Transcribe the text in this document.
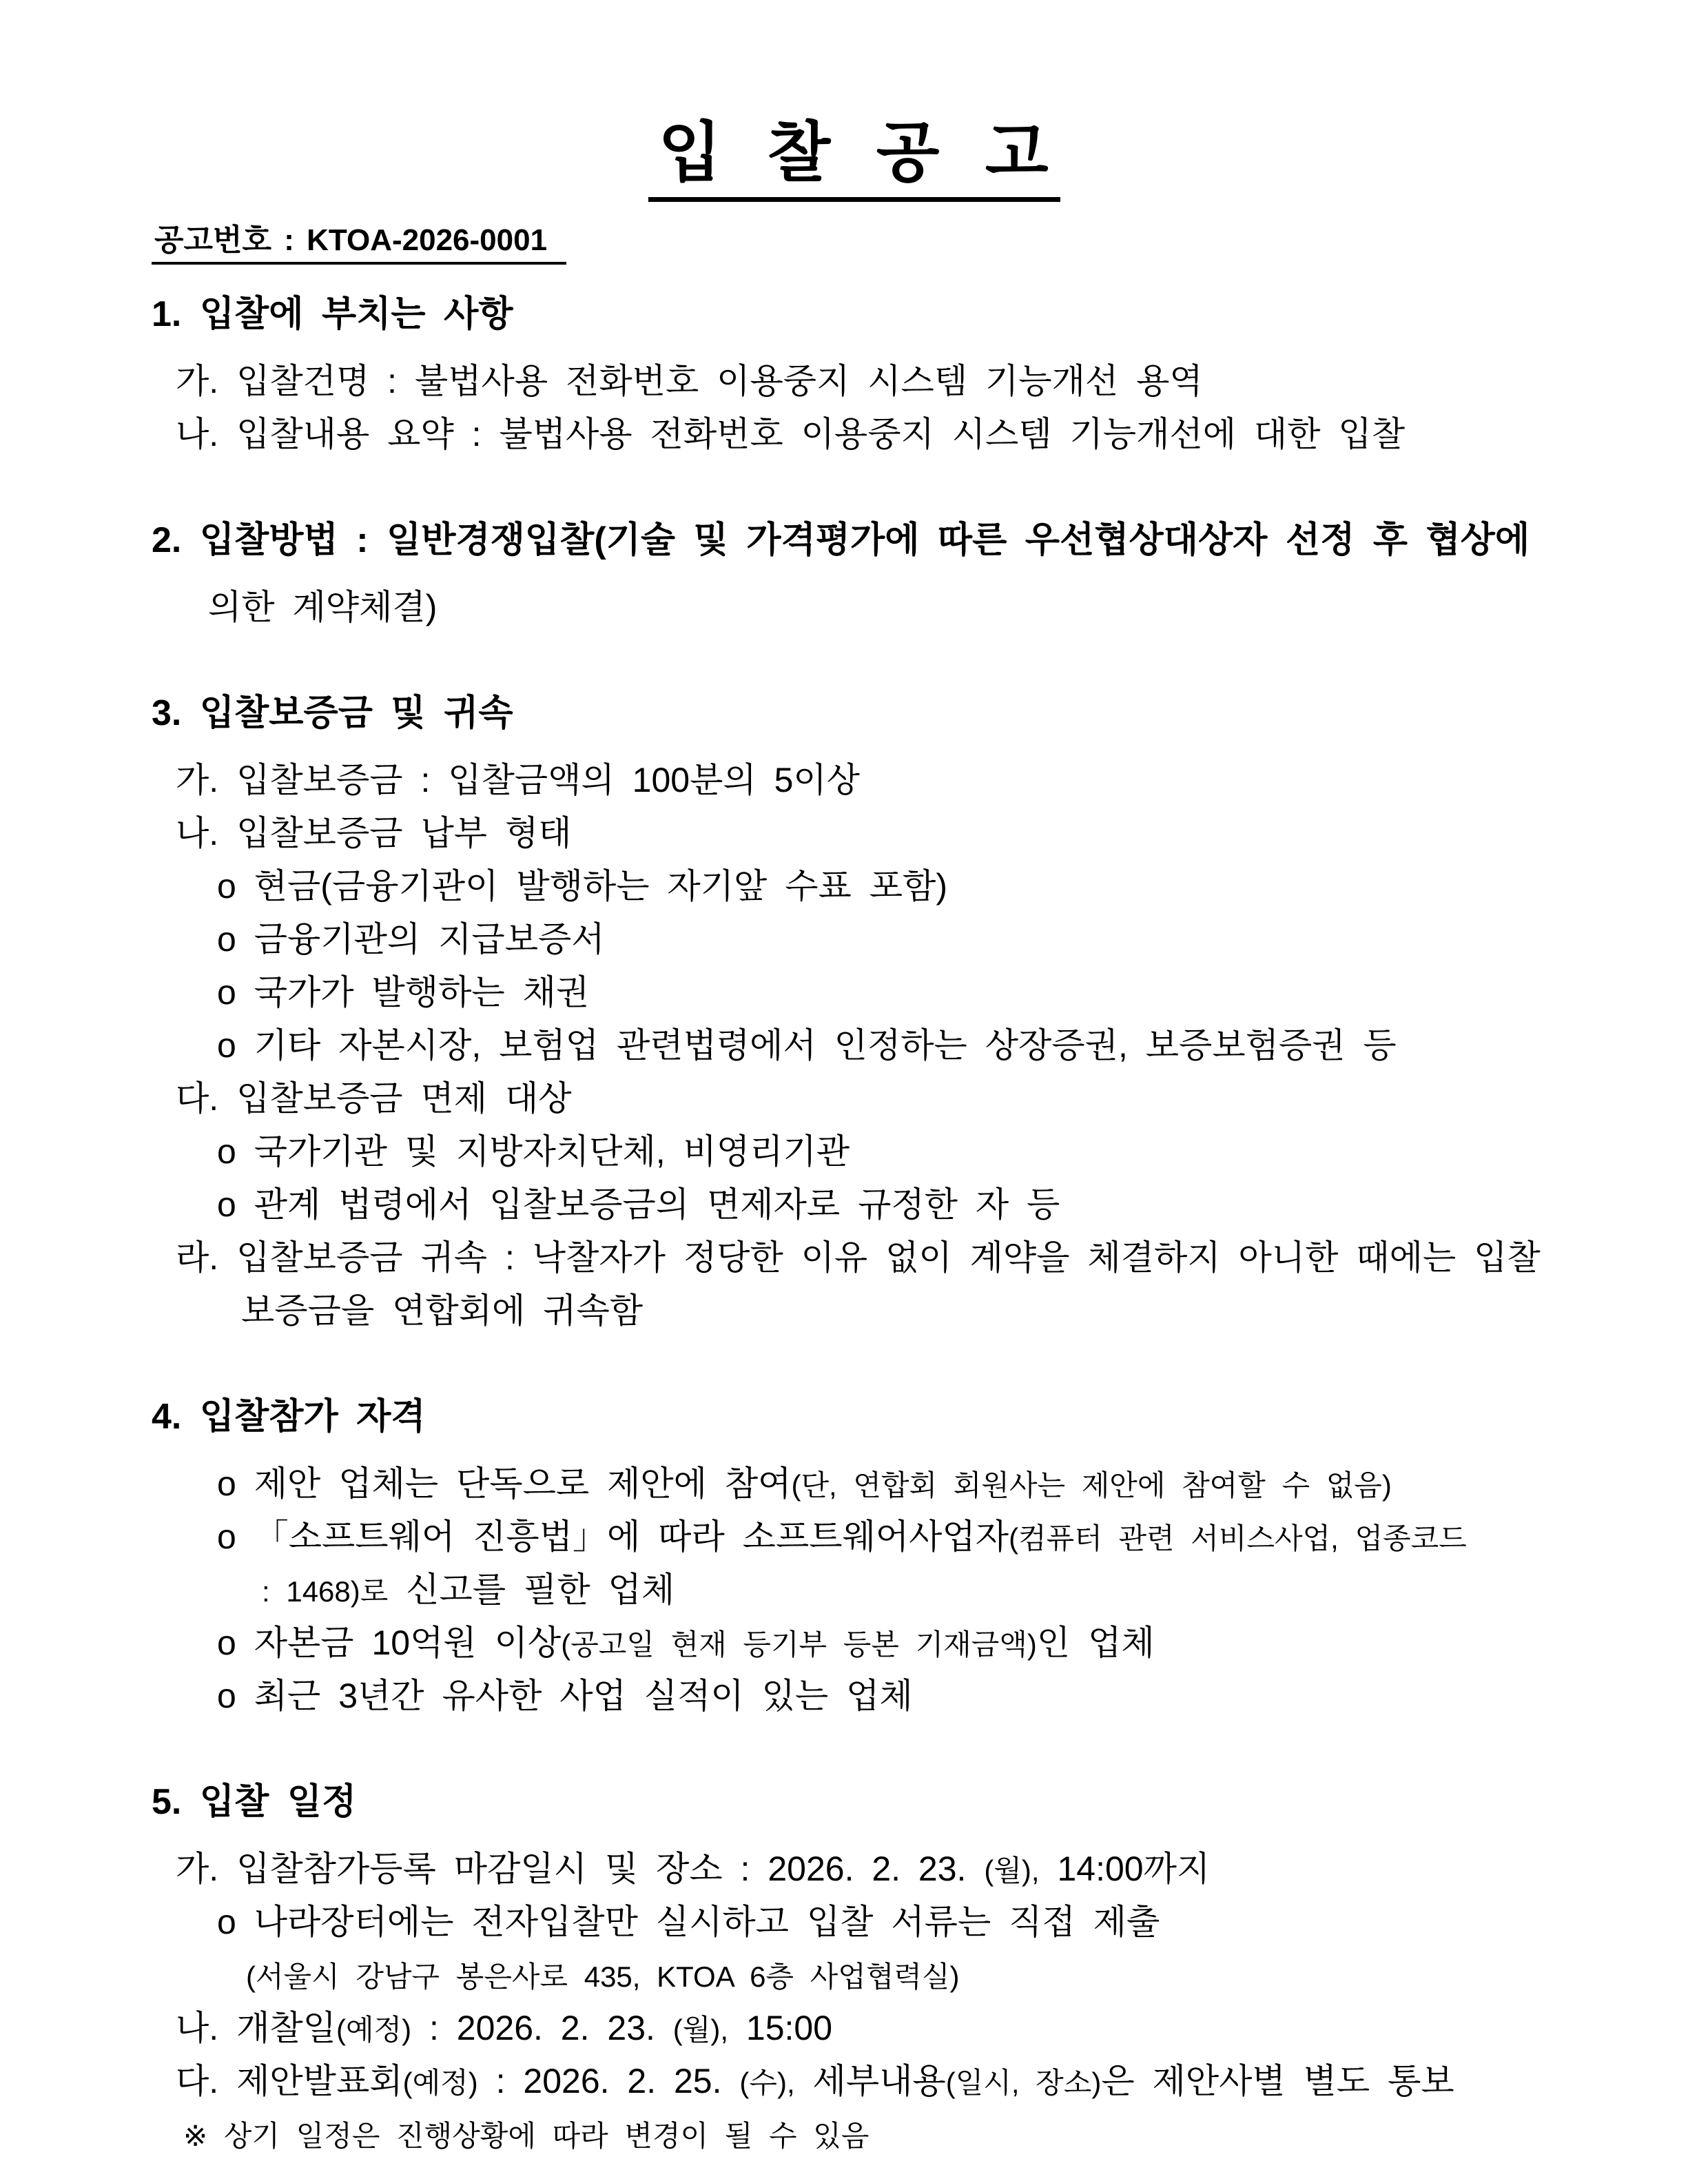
입 찰 공 고
공고번호 : KTOA-2026-0001
1. 입찰에 부치는 사항
가. 입찰건명 : 불법사용 전화번호 이용중지 시스템 기능개선 용역
나. 입찰내용 요약 : 불법사용 전화번호 이용중지 시스템 기능개선에 대한 입찰
2. 입찰방법 : 일반경쟁입찰(기술 및 가격평가에 따른 우선협상대상자 선정 후 협상에
의한 계약체결)
3. 입찰보증금 및 귀속
가. 입찰보증금 : 입찰금액의 100분의 5이상
나. 입찰보증금 납부 형태
o 현금(금융기관이 발행하는 자기앞 수표 포함)
o 금융기관의 지급보증서
o 국가가 발행하는 채권
o 기타 자본시장, 보험업 관련법령에서 인정하는 상장증권, 보증보험증권 등
다. 입찰보증금 면제 대상
o 국가기관 및 지방자치단체, 비영리기관
o 관계 법령에서 입찰보증금의 면제자로 규정한 자 등
라. 입찰보증금 귀속 : 낙찰자가 정당한 이유 없이 계약을 체결하지 아니한 때에는 입찰
보증금을 연합회에 귀속함
4. 입찰참가 자격
o 제안 업체는 단독으로 제안에 참여(단, 연합회 회원사는 제안에 참여할 수 없음)
o 「소프트웨어 진흥법」에 따라 소프트웨어사업자(컴퓨터 관련 서비스사업, 업종코드
: 1468)로 신고를 필한 업체
o 자본금 10억원 이상(공고일 현재 등기부 등본 기재금액)인 업체
o 최근 3년간 유사한 사업 실적이 있는 업체
5. 입찰 일정
가. 입찰참가등록 마감일시 및 장소 : 2026. 2. 23. (월), 14:00까지
o 나라장터에는 전자입찰만 실시하고 입찰 서류는 직접 제출
(서울시 강남구 봉은사로 435, KTOA 6층 사업협력실)
나. 개찰일(예정) : 2026. 2. 23. (월), 15:00
다. 제안발표회(예정) : 2026. 2. 25. (수), 세부내용(일시, 장소)은 제안사별 별도 통보
※ 상기 일정은 진행상황에 따라 변경이 될 수 있음
